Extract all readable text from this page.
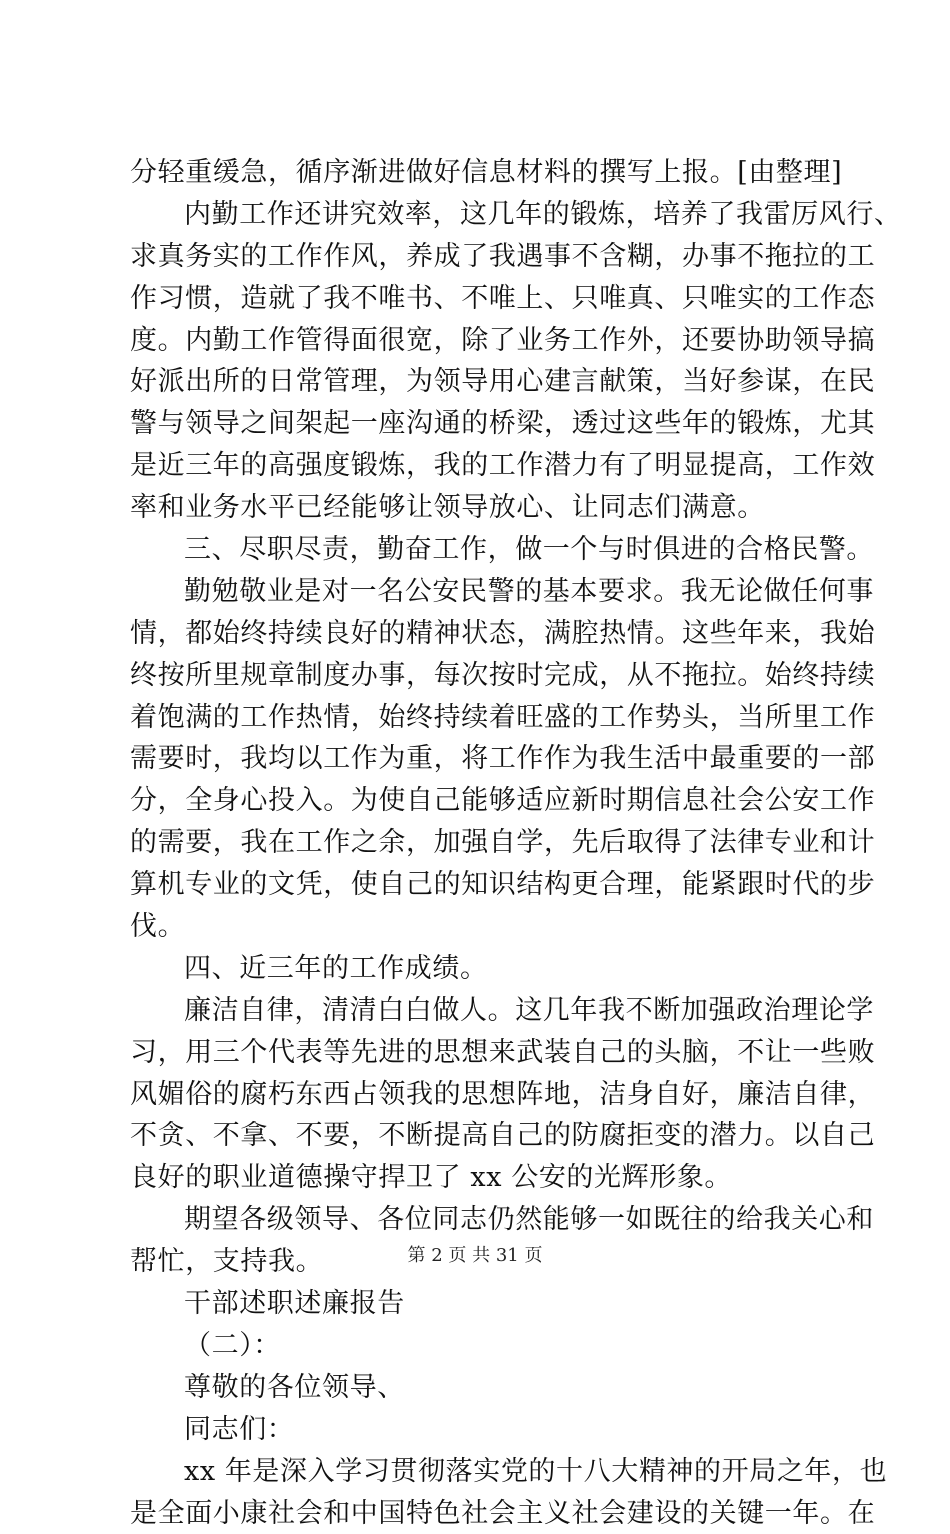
分轻重缓急，循序渐进做好信息材料的撰写上报。[由整理]
内勤工作还讲究效率，这几年的锻炼，培养了我雷厉风行、
求真务实的工作作风，养成了我遇事不含糊，办事不拖拉的工
作习惯，造就了我不唯书、不唯上、只唯真、只唯实的工作态
度。内勤工作管得面很宽，除了业务工作外，还要协助领导搞
好派出所的日常管理，为领导用心建言献策，当好参谋，在民
警与领导之间架起一座沟通的桥梁，透过这些年的锻炼，尤其
是近三年的高强度锻炼，我的工作潜力有了明显提高，工作效
率和业务水平已经能够让领导放心、让同志们满意。
三、尽职尽责，勤奋工作，做一个与时俱进的合格民警。
勤勉敬业是对一名公安民警的基本要求。我无论做任何事
情，都始终持续良好的精神状态，满腔热情。这些年来，我始
终按所里规章制度办事，每次按时完成，从不拖拉。始终持续
着饱满的工作热情，始终持续着旺盛的工作势头，当所里工作
需要时，我均以工作为重，将工作作为我生活中最重要的一部
分，全身心投入。为使自己能够适应新时期信息社会公安工作
的需要，我在工作之余，加强自学，先后取得了法律专业和计
算机专业的文凭，使自己的知识结构更合理，能紧跟时代的步
伐。
四、近三年的工作成绩。
廉洁自律，清清白白做人。这几年我不断加强政治理论学
习，用三个代表等先进的思想来武装自己的头脑，不让一些败
风媚俗的腐朽东西占领我的思想阵地，洁身自好，廉洁自律，
不贪、不拿、不要，不断提高自己的防腐拒变的潜力。以自己
良好的职业道德操守捍卫了 xx 公安的光辉形象。
期望各级领导、各位同志仍然能够一如既往的给我关心和
帮忙，支持我。
干部述职述廉报告
（二）：
尊敬的各位领导、
同志们：
xx 年是深入学习贯彻落实党的十八大精神的开局之年，也
是全面小康社会和中国特色社会主义社会建设的关键一年。在
第 2 页 共 31 页
